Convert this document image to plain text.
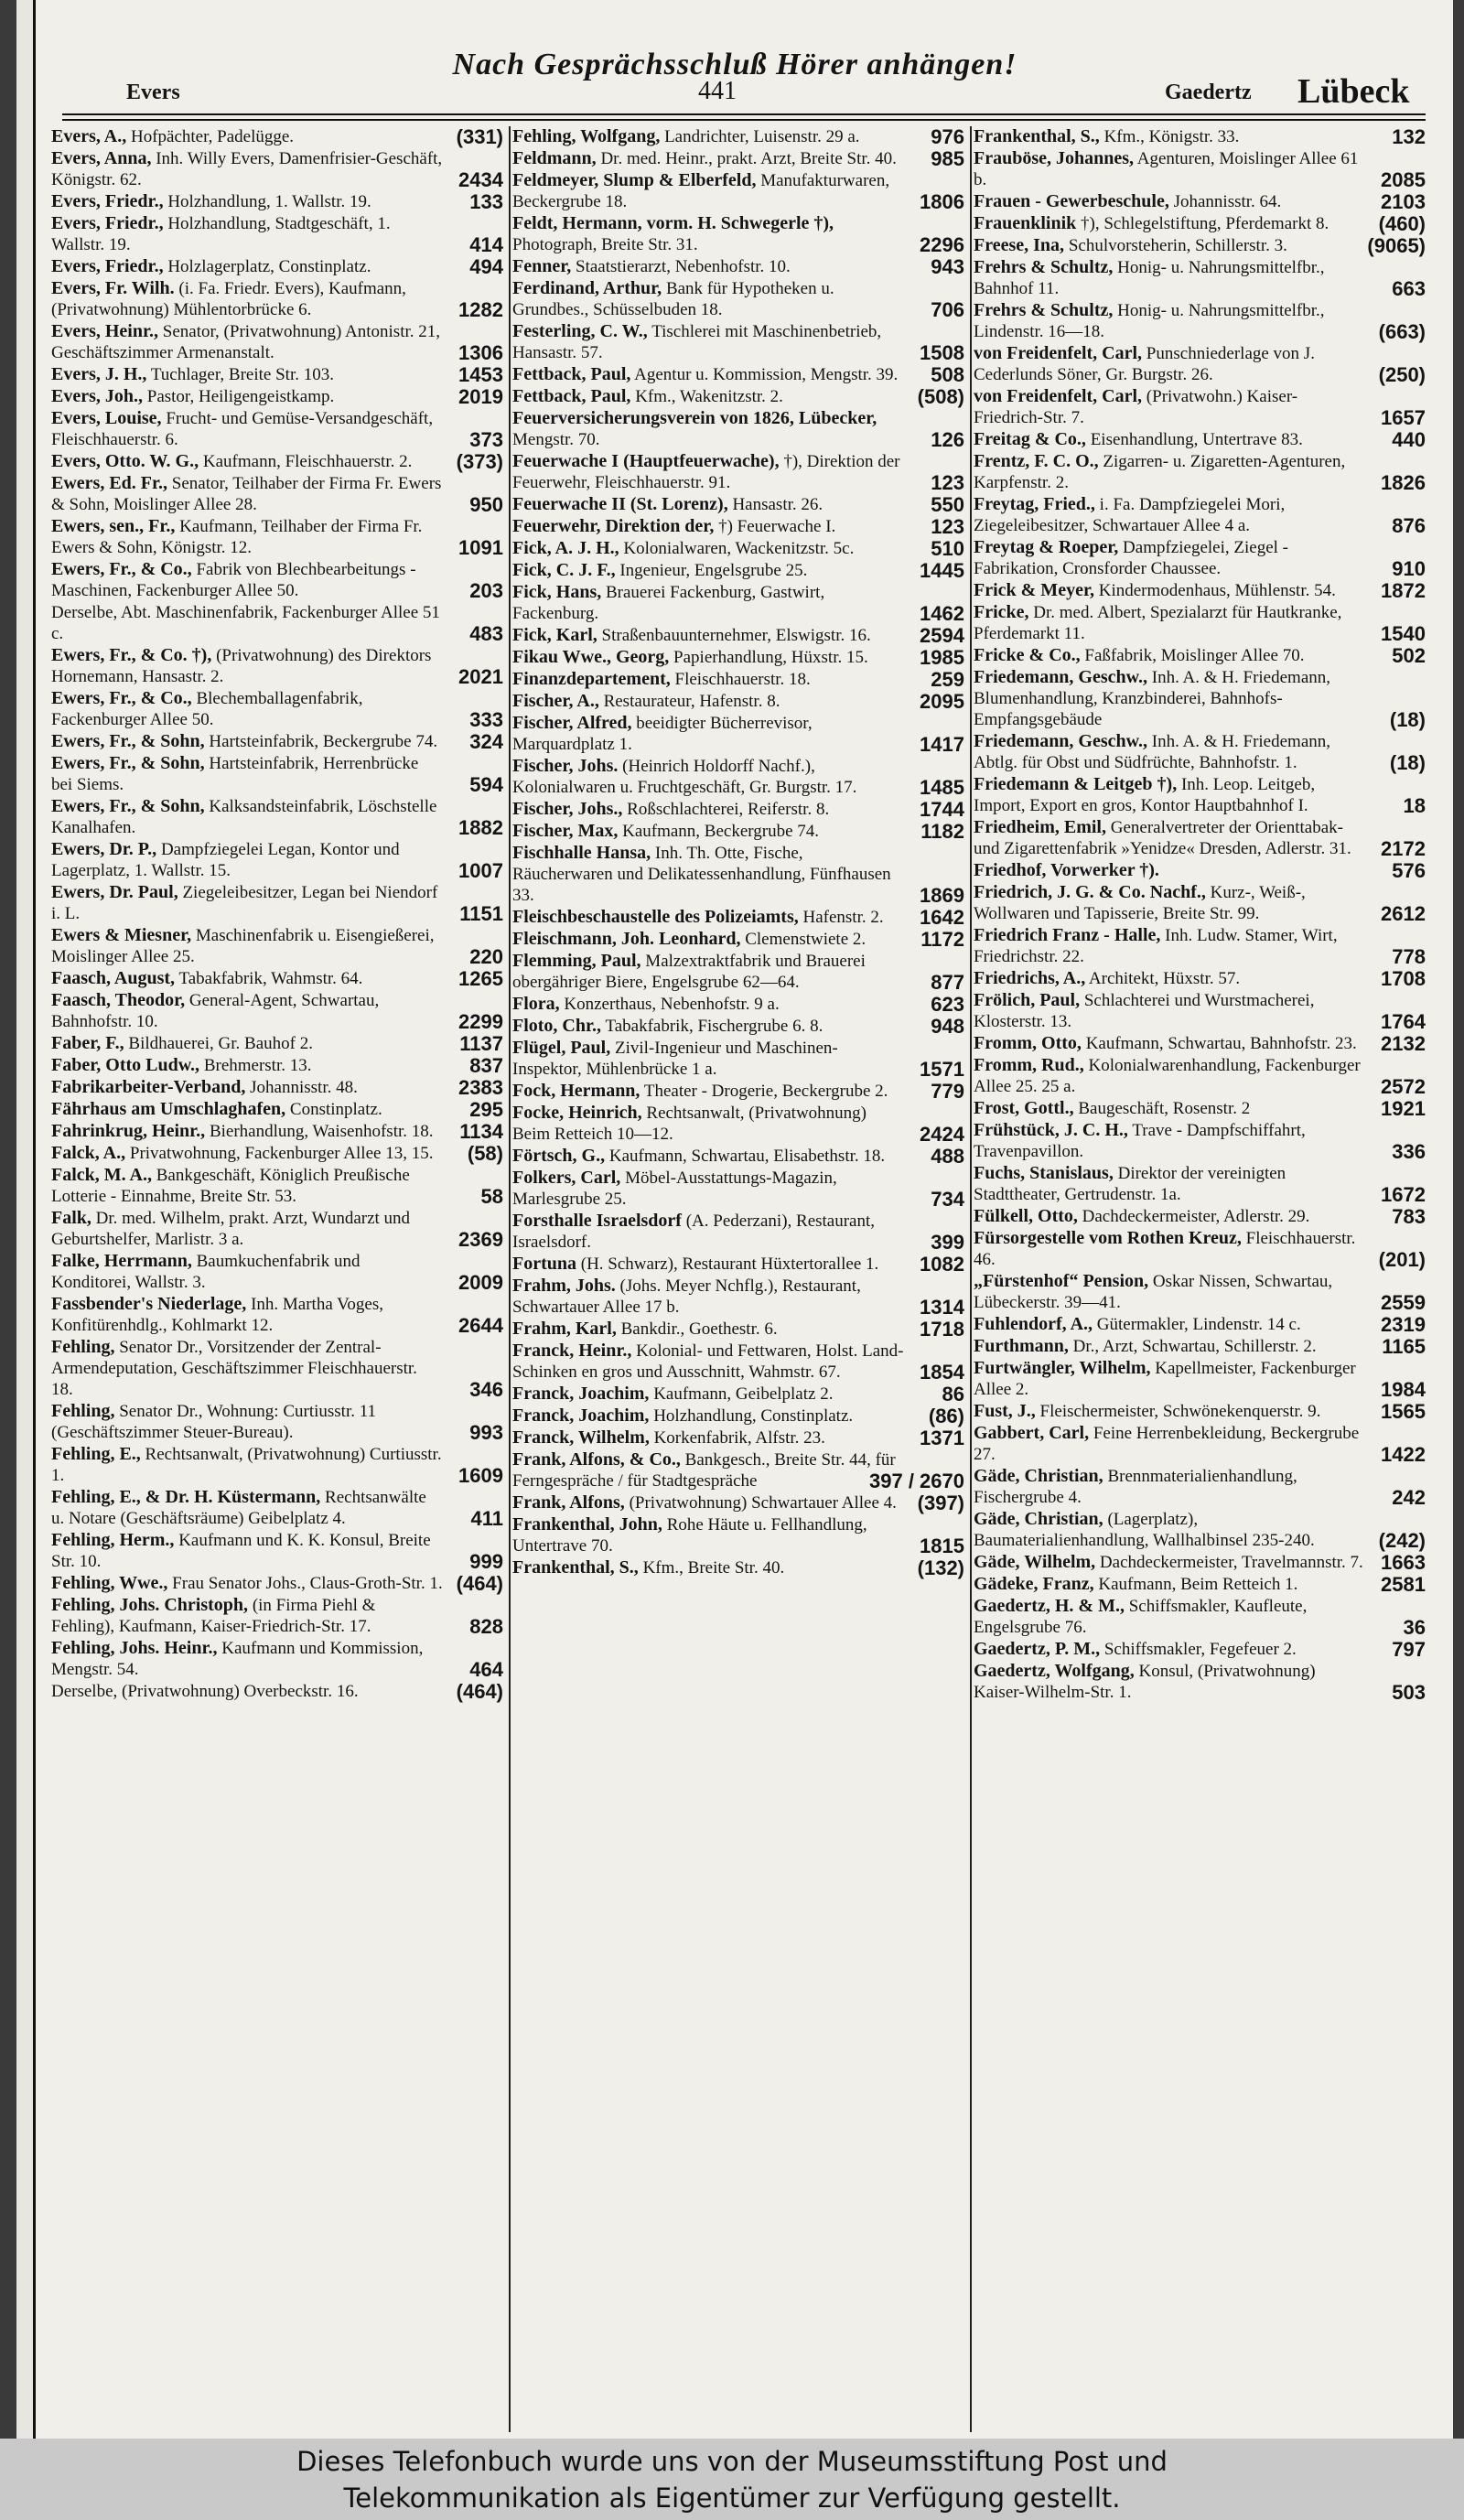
Nach Gesprächsschluß Hörer anhängen!
Evers	441	Gaedertz Lübeck
Evers, A., Hofpächter, Padelügge.	(331)
Evers, Anna, Inh. Willy Evers, Damenfrisier-Geschäft, Königstr. 62.	2434
Evers, Friedr., Holzhandlung, 1. Wallstr. 19.	133
Evers, Friedr., Holzhandlung, Stadtgeschäft, 1. Wallstr. 19.	414
Evers, Friedr., Holzlagerplatz, Constinplatz.	494
Evers, Fr. Wilh. (i. Fa. Friedr. Evers), Kaufmann, (Privatwohnung) Mühlentorbrücke 6.	1282
Evers, Heinr., Senator, (Privatwohnung) Antonistr. 21, Geschäftszimmer Armenanstalt.	1306
Evers, J. H., Tuchlager, Breite Str. 103.	1453
Evers, Joh., Pastor, Heiligengeistkamp.	2019
Evers, Louise, Frucht- und Gemüse-Versandgeschäft, Fleischhauerstr. 6.	373
Evers, Otto. W. G., Kaufmann, Fleischhauerstr. 2. (373)
Ewers, Ed. Fr., Senator, Teilhaber der Firma Fr. Ewers & Sohn, Moislinger Allee 28.	950
Ewers, sen., Fr., Kaufmann, Teilhaber der Firma Fr. Ewers & Sohn, Königstr. 12.	1091
Ewers, Fr., & Co., Fabrik von Blechbearbeitungs - Maschinen, Fackenburger Allee 50.	203
Derselbe, Abt. Maschinenfabrik, Fackenburger Allee 51 c.	483
Ewers, Fr., & Co. †), (Privatwohnung) des Direktors Hornemann, Hansastr. 2.	2021
Ewers, Fr., & Co., Blechemballagenfabrik, Fackenburger Allee 50.	333
Ewers, Fr., & Sohn, Hartsteinfabrik, Beckergrube 74. 324
Ewers, Fr., & Sohn, Hartsteinfabrik, Herrenbrücke bei Siems.	594
Ewers, Fr., & Sohn, Kalksandsteinfabrik, Löschstelle Kanalhafen.	1882
Ewers, Dr. P., Dampfziegelei Legan, Kontor und Lagerplatz, 1. Wallstr. 15.	1007
Ewers, Dr. Paul, Ziegeleibesitzer, Legan bei Niendorf i. L.	1151
Ewers & Miesner, Maschinenfabrik u. Eisengießerei, Moislinger Allee 25.	220
Faasch, August, Tabakfabrik, Wahmstr. 64.	1265
Faasch, Theodor, General-Agent, Schwartau, Bahnhofstr. 10.	2299
Faber, F., Bildhauerei, Gr. Bauhof 2.	1137
Faber, Otto Ludw., Brehmerstr. 13.	837
Fabrikarbeiter-Verband, Johannisstr. 48.	2383
Fährhaus am Umschlaghafen, Constinplatz.	295
Fahrinkrug, Heinr., Bierhandlung, Waisenhofstr. 18. 1134
Falck, A., Privatwohnung, Fackenburger Allee 13, 15. (58)
Falck, M. A., Bankgeschäft, Königlich Preußische Lotterie - Einnahme, Breite Str. 53.	58
Falk, Dr. med. Wilhelm, prakt. Arzt, Wundarzt und Geburtshelfer, Marlistr. 3 a.	2369
Falke, Herrmann, Baumkuchenfabrik und Konditorei, Wallstr. 3.	2009
Fassbender's Niederlage, Inh. Martha Voges, Konfitürenhdlg., Kohlmarkt 12.	2644
Fehling, Senator Dr., Vorsitzender der Zentral-Armendeputation, Geschäftszimmer Fleischhauerstr. 18.	346
Fehling, Senator Dr., Wohnung: Curtiusstr. 11 (Geschäftszimmer Steuer-Bureau).	993
Fehling, E., Rechtsanwalt, (Privatwohnung) Curtiusstr. 1.	1609
Fehling, E., & Dr. H. Küstermann, Rechtsanwälte u. Notare (Geschäftsräume) Geibelplatz 4.	411
Fehling, Herm., Kaufmann und K. K. Konsul, Breite Str. 10.	999
Fehling, Wwe., Frau Senator Johs., Claus-Groth-Str. 1. (464)
Fehling, Johs. Christoph, (in Firma Piehl & Fehling), Kaufmann, Kaiser-Friedrich-Str. 17.	828
Fehling, Johs. Heinr., Kaufmann und Kommission, Mengstr. 54.	464
Derselbe, (Privatwohnung) Overbeckstr. 16.	(464)
Fehling, Wolfgang, Landrichter, Luisenstr. 29 a.	976
Feldmann, Dr. med. Heinr., prakt. Arzt, Breite Str. 40. 985
Feldmeyer, Slump & Elberfeld, Manufakturwaren, Beckergrube 18.	1806
Feldt, Hermann, vorm. H. Schwegerle †), Photograph, Breite Str. 31.	2296
Fenner, Staatstierarzt, Nebenhofstr. 10.	943
Ferdinand, Arthur, Bank für Hypotheken u. Grundbes., Schüsselbuden 18.	706
Festerling, C. W., Tischlerei mit Maschinenbetrieb, Hansastr. 57.	1508
Fettback, Paul, Agentur u. Kommission, Mengstr. 39. 508
Fettback, Paul, Kfm., Wakenitzstr. 2.	(508)
Feuerversicherungsverein von 1826, Lübecker, Mengstr. 70.	126
Feuerwache I (Hauptfeuerwache), †), Direktion der Feuerwehr, Fleischhauerstr. 91.	123
Feuerwache II (St. Lorenz), Hansastr. 26.	550
Feuerwehr, Direktion der, †) Feuerwache I.	123
Fick, A. J. H., Kolonialwaren, Wackenitzstr. 5c.	510
Fick, C. J. F., Ingenieur, Engelsgrube 25.	1445
Fick, Hans, Brauerei Fackenburg, Gastwirt, Fackenburg.	1462
Fick, Karl, Straßenbauunternehmer, Elswigstr. 16. 2594
Fikau Wwe., Georg, Papierhandlung, Hüxstr. 15.	1985
Finanzdepartement, Fleischhauerstr. 18.	259
Fischer, A., Restaurateur, Hafenstr. 8.	2095
Fischer, Alfred, beeidigter Bücherrevisor, Marquardplatz 1.	1417
Fischer, Johs. (Heinrich Holdorff Nachf.), Kolonialwaren u. Fruchtgeschäft, Gr. Burgstr. 17.	1485
Fischer, Johs., Roßschlachterei, Reiferstr. 8.	1744
Fischer, Max, Kaufmann, Beckergrube 74.	1182
Fischhalle Hansa, Inh. Th. Otte, Fische, Räucherwaren und Delikatessenhandlung, Fünfhausen 33.	1869
Fleischbeschaustelle des Polizeiamts, Hafenstr. 2. 1642
Fleischmann, Joh. Leonhard, Clemenstwiete 2.	1172
Flemming, Paul, Malzextraktfabrik und Brauerei obergähriger Biere, Engelsgrube 62—64.	877
Flora, Konzerthaus, Nebenhofstr. 9 a.	623
Floto, Chr., Tabakfabrik, Fischergrube 6. 8.	948
Flügel, Paul, Zivil-Ingenieur und Maschinen-Inspektor, Mühlenbrücke 1 a.	1571
Fock, Hermann, Theater - Drogerie, Beckergrube 2. 779
Focke, Heinrich, Rechtsanwalt, (Privatwohnung) Beim Retteich 10—12.	2424
Förtsch, G., Kaufmann, Schwartau, Elisabethstr. 18. 488
Folkers, Carl, Möbel-Ausstattungs-Magazin, Marlesgrube 25.	734
Forsthalle Israelsdorf (A. Pederzani), Restaurant, Israelsdorf.	399
Fortuna (H. Schwarz), Restaurant Hüxtertorallee 1. 1082
Frahm, Johs. (Johs. Meyer Nchflg.), Restaurant, Schwartauer Allee 17 b.	1314
Frahm, Karl, Bankdir., Goethestr. 6.	1718
Franck, Heinr., Kolonial- und Fettwaren, Holst. Land-Schinken en gros und Ausschnitt, Wahmstr. 67.	1854
Franck, Joachim, Kaufmann, Geibelplatz 2.	86
Franck, Joachim, Holzhandlung, Constinplatz.	(86)
Franck, Wilhelm, Korkenfabrik, Alfstr. 23.	1371
Frank, Alfons, & Co., Bankgesch., Breite Str. 44, für Ferngespräche / für Stadtgespräche	397 / 2670
Frank, Alfons, (Privatwohnung) Schwartauer Allee 4. (397)
Frankenthal, John, Rohe Häute u. Fellhandlung, Untertrave 70.	1815
Frankenthal, S., Kfm., Breite Str. 40.	(132)
Frankenthal, S., Kfm., Königstr. 33.	132
Frauböse, Johannes, Agenturen, Moislinger Allee 61 b.	2085
Frauen - Gewerbeschule, Johannisstr. 64.	2103
Frauenklinik †), Schlegelstiftung, Pferdemarkt 8. (460)
Freese, Ina, Schulvorsteherin, Schillerstr. 3.	(9065)
Frehrs & Schultz, Honig- u. Nahrungsmittelfbr., Bahnhof 11.	663
Frehrs & Schultz, Honig- u. Nahrungsmittelfbr., Lindenstr. 16—18.	(663)
von Freidenfelt, Carl, Punschniederlage von J. Cederlunds Söner, Gr. Burgstr. 26.	(250)
von Freidenfelt, Carl, (Privatwohn.) Kaiser-Friedrich-Str. 7.	1657
Freitag & Co., Eisenhandlung, Untertrave 83.	440
Frentz, F. C. O., Zigarren- u. Zigaretten-Agenturen, Karpfenstr. 2.	1826
Freytag, Fried., i. Fa. Dampfziegelei Mori, Ziegeleibesitzer, Schwartauer Allee 4 a.	876
Freytag & Roeper, Dampfziegelei, Ziegel - Fabrikation, Cronsforder Chaussee.	910
Frick & Meyer, Kindermodenhaus, Mühlenstr. 54. 1872
Fricke, Dr. med. Albert, Spezialarzt für Hautkranke, Pferdemarkt 11.	1540
Fricke & Co., Faßfabrik, Moislinger Allee 70.	502
Friedemann, Geschw., Inh. A. & H. Friedemann, Blumenhandlung, Kranzbinderei, Bahnhofs-Empfangsgebäude	(18)
Friedemann, Geschw., Inh. A. & H. Friedemann, Abtlg. für Obst und Südfrüchte, Bahnhofstr. 1.	(18)
Friedemann & Leitgeb †), Inh. Leop. Leitgeb, Import, Export en gros, Kontor Hauptbahnhof I.	18
Friedheim, Emil, Generalvertreter der Orienttabak- und Zigarettenfabrik »Yenidze« Dresden, Adlerstr. 31. 2172
Friedhof, Vorwerker †).	576
Friedrich, J. G. & Co. Nachf., Kurz-, Weiß-, Wollwaren und Tapisserie, Breite Str. 99.	2612
Friedrich Franz - Halle, Inh. Ludw. Stamer, Wirt, Friedrichstr. 22.	778
Friedrichs, A., Architekt, Hüxstr. 57.	1708
Frölich, Paul, Schlachterei und Wurstmacherei, Klosterstr. 13.	1764
Fromm, Otto, Kaufmann, Schwartau, Bahnhofstr. 23. 2132
Fromm, Rud., Kolonialwarenhandlung, Fackenburger Allee 25. 25 a.	2572
Frost, Gottl., Baugeschäft, Rosenstr. 2	1921
Frühstück, J. C. H., Trave - Dampfschiffahrt, Travenpavillon.	336
Fuchs, Stanislaus, Direktor der vereinigten Stadttheater, Gertrudenstr. 1a.	1672
Fülkell, Otto, Dachdeckermeister, Adlerstr. 29.	783
Fürsorgestelle vom Rothen Kreuz, Fleischhauerstr. 46.	(201)
„Fürstenhof“ Pension, Oskar Nissen, Schwartau, Lübeckerstr. 39—41.	2559
Fuhlendorf, A., Gütermakler, Lindenstr. 14 c.	2319
Furthmann, Dr., Arzt, Schwartau, Schillerstr. 2.	1165
Furtwängler, Wilhelm, Kapellmeister, Fackenburger Allee 2.	1984
Fust, J., Fleischermeister, Schwönekenquerstr. 9.	1565
Gabbert, Carl, Feine Herrenbekleidung, Beckergrube 27.	1422
Gäde, Christian, Brennmaterialienhandlung, Fischergrube 4.	242
Gäde, Christian, (Lagerplatz), Baumaterialienhandlung, Wallhalbinsel 235-240.	(242)
Gäde, Wilhelm, Dachdeckermeister, Travelmannstr. 7. 1663
Gädeke, Franz, Kaufmann, Beim Retteich 1.	2581
Gaedertz, H. & M., Schiffsmakler, Kaufleute, Engelsgrube 76.	36
Gaedertz, P. M., Schiffsmakler, Fegefeuer 2.	797
Gaedertz, Wolfgang, Konsul, (Privatwohnung) Kaiser-Wilhelm-Str. 1.	503
Dieses Telefonbuch wurde uns von der Museumsstiftung Post und
Telekommunikation als Eigentümer zur Verfügung gestellt.
